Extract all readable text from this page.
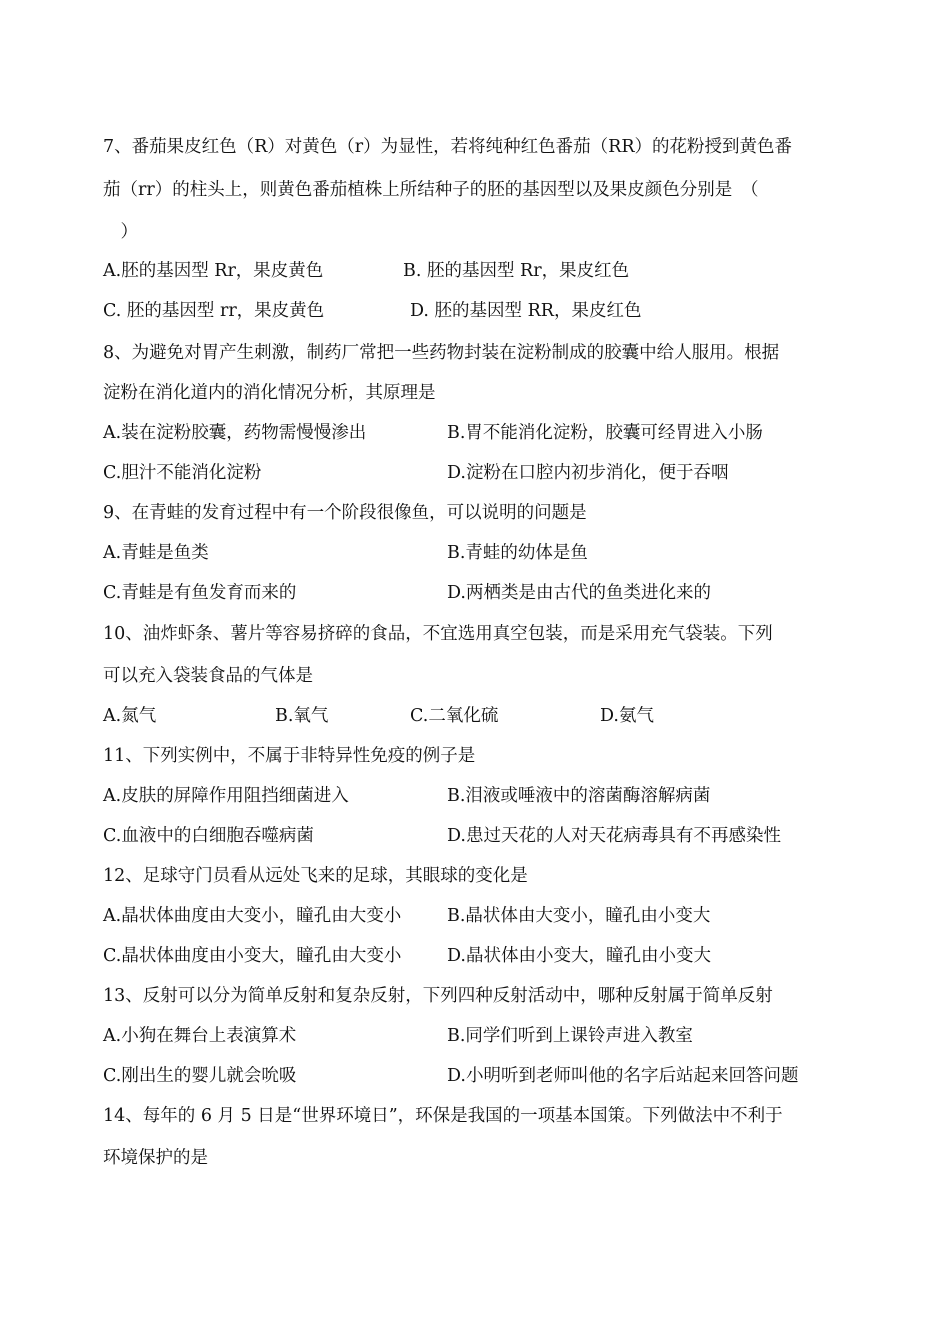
7、番茄果皮红色（R）对黄色（r）为显性，若将纯种红色番茄（RR）的花粉授到黄色番
茄（rr）的柱头上，则黄色番茄植株上所结种子的胚的基因型以及果皮颜色分别是　（
　）
A.胚的基因型 Rr，果皮黄色	B. 胚的基因型 Rr，果皮红色
C. 胚的基因型 rr，果皮黄色	D. 胚的基因型 RR，果皮红色
8、为避免对胃产生刺激，制药厂常把一些药物封装在淀粉制成的胶囊中给人服用。根据
淀粉在消化道内的消化情况分析，其原理是
A.装在淀粉胶囊，药物需慢慢渗出	B.胃不能消化淀粉，胶囊可经胃进入小肠
C.胆汁不能消化淀粉	D.淀粉在口腔内初步消化，便于吞咽
9、在青蛙的发育过程中有一个阶段很像鱼，可以说明的问题是
A.青蛙是鱼类	B.青蛙的幼体是鱼
C.青蛙是有鱼发育而来的	D.两栖类是由古代的鱼类进化来的
10、油炸虾条、薯片等容易挤碎的食品，不宜选用真空包装，而是采用充气袋装。下列
可以充入袋装食品的气体是
A.氮气	B.氧气	C.二氧化硫	D.氨气
11、下列实例中，不属于非特异性免疫的例子是
A.皮肤的屏障作用阻挡细菌进入	B.泪液或唾液中的溶菌酶溶解病菌
C.血液中的白细胞吞噬病菌	D.患过天花的人对天花病毒具有不再感染性
12、足球守门员看从远处飞来的足球，其眼球的变化是
A.晶状体曲度由大变小，瞳孔由大变小	B.晶状体由大变小，瞳孔由小变大
C.晶状体曲度由小变大，瞳孔由大变小	D.晶状体由小变大，瞳孔由小变大
13、反射可以分为简单反射和复杂反射，下列四种反射活动中，哪种反射属于简单反射
A.小狗在舞台上表演算术	B.同学们听到上课铃声进入教室
C.刚出生的婴儿就会吮吸	D.小明听到老师叫他的名字后站起来回答问题
14、每年的 6 月 5 日是“世界环境日”，环保是我国的一项基本国策。下列做法中不利于
环境保护的是
